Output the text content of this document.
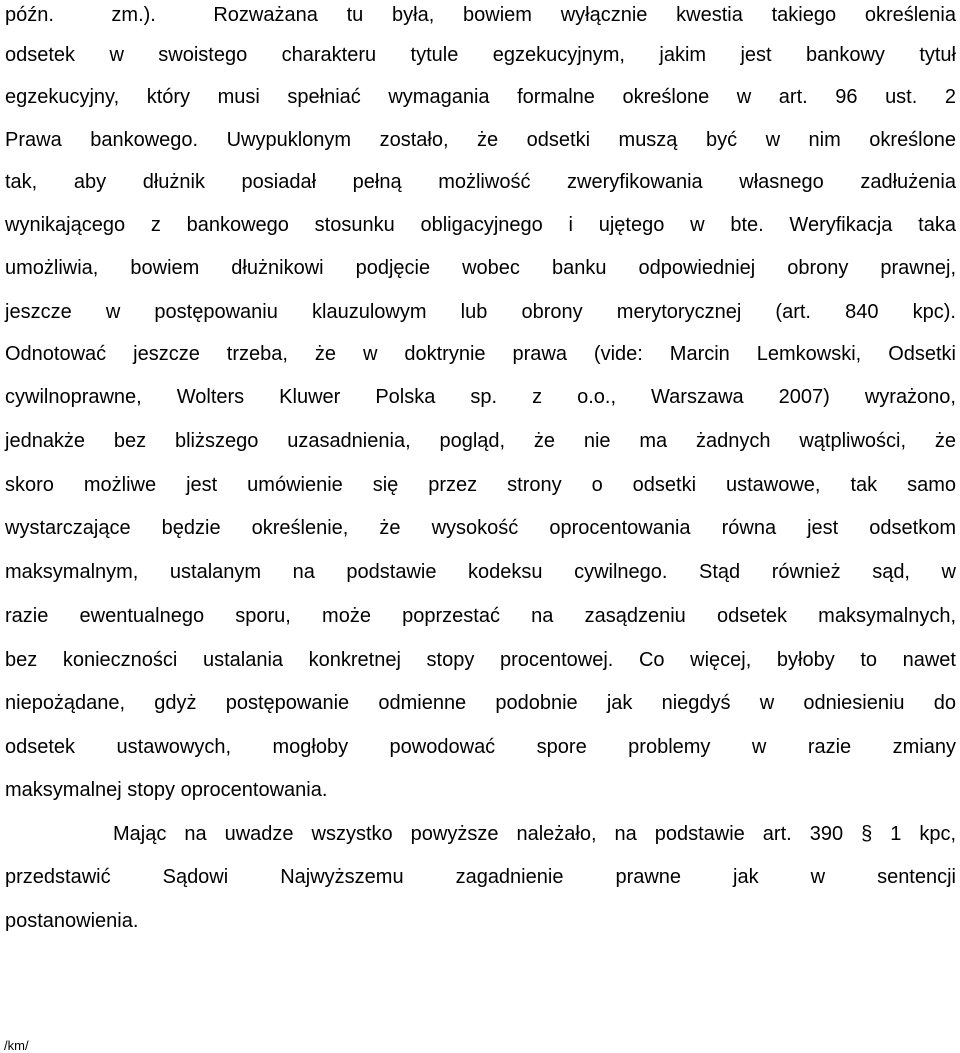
późn.  zm.).  Rozważana tu była, bowiem wyłącznie kwestia takiego określenia
odsetek w swoistego charakteru tytule egzekucyjnym, jakim jest bankowy tytuł
egzekucyjny, który musi spełniać wymagania formalne określone w art. 96 ust. 2
Prawa bankowego. Uwypuklonym zostało, że odsetki muszą być w nim określone
tak, aby dłużnik posiadał pełną możliwość zweryfikowania własnego zadłużenia
wynikającego z bankowego stosunku obligacyjnego i ujętego w bte. Weryfikacja taka
umożliwia, bowiem dłużnikowi podjęcie wobec banku odpowiedniej obrony prawnej,
jeszcze w postępowaniu klauzulowym lub obrony merytorycznej (art. 840 kpc).
Odnotować jeszcze trzeba, że w doktrynie prawa (vide: Marcin Lemkowski, Odsetki
cywilnoprawne, Wolters Kluwer Polska sp. z o.o., Warszawa 2007) wyrażono,
jednakże bez bliższego uzasadnienia, pogląd, że nie ma żadnych wątpliwości, że
skoro możliwe jest umówienie się przez strony o odsetki ustawowe, tak samo
wystarczające będzie określenie, że wysokość oprocentowania równa jest odsetkom
maksymalnym, ustalanym na podstawie kodeksu cywilnego. Stąd również sąd, w
razie ewentualnego sporu, może poprzestać na zasądzeniu odsetek maksymalnych,
bez konieczności ustalania konkretnej stopy procentowej. Co więcej, byłoby to nawet
niepożądane, gdyż postępowanie odmienne podobnie jak niegdyś w odniesieniu do
odsetek ustawowych, mogłoby powodować spore problemy w razie zmiany
maksymalnej stopy oprocentowania.
Mając na uwadze wszystko powyższe należało, na podstawie art. 390 § 1 kpc,
przedstawić Sądowi Najwyższemu zagadnienie prawne jak w sentencji
postanowienia.
/km/
